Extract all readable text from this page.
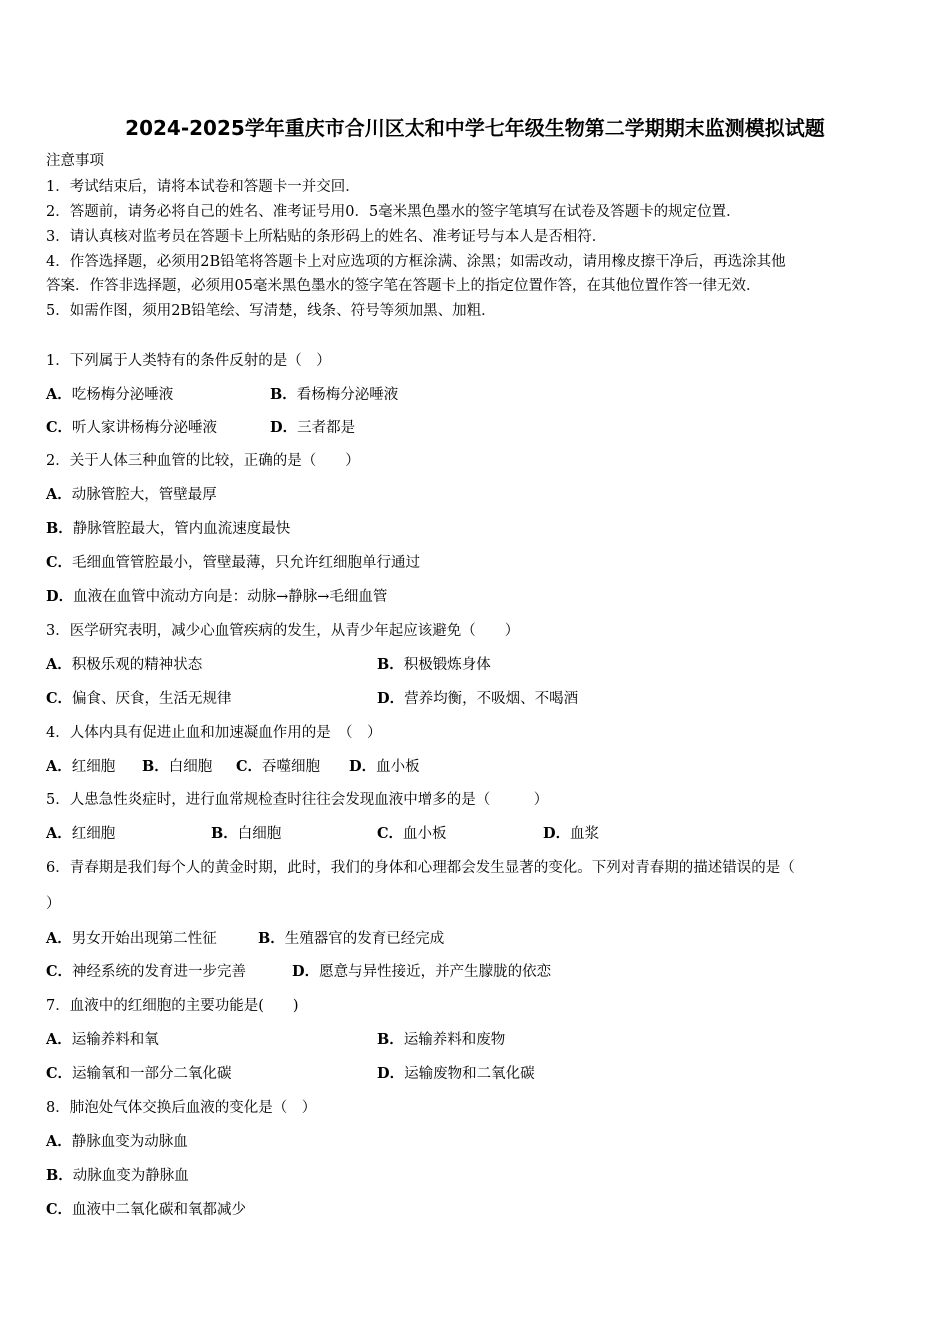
2024-2025学年重庆市合川区太和中学七年级生物第二学期期末监测模拟试题
注意事项
1．考试结束后，请将本试卷和答题卡一并交回．
2．答题前，请务必将自己的姓名、准考证号用0．5毫米黑色墨水的签字笔填写在试卷及答题卡的规定位置．
3．请认真核对监考员在答题卡上所粘贴的条形码上的姓名、准考证号与本人是否相符．
4．作答选择题，必须用2B铅笔将答题卡上对应选项的方框涂满、涂黑；如需改动，请用橡皮擦干净后，再选涂其他
答案．作答非选择题，必须用05毫米黑色墨水的签字笔在答题卡上的指定位置作答，在其他位置作答一律无效．
5．如需作图，须用2B铅笔绘、写清楚，线条、符号等须加黑、加粗．
1．下列属于人类特有的条件反射的是（　）
A．吃杨梅分泌唾液	B．看杨梅分泌唾液
C．听人家讲杨梅分泌唾液	D．三者都是
2．关于人体三种血管的比较，正确的是（　　）
A．动脉管腔大，管壁最厚
B．静脉管腔最大，管内血流速度最快
C．毛细血管管腔最小，管壁最薄，只允许红细胞单行通过
D．血液在血管中流动方向是：动脉→静脉→毛细血管
3．医学研究表明，减少心血管疾病的发生，从青少年起应该避免（　　）
A．积极乐观的精神状态	B．积极锻炼身体
C．偏食、厌食，生活无规律	D．营养均衡，不吸烟、不喝酒
4．人体内具有促进止血和加速凝血作用的是　（　）
A．红细胞 B．白细胞 C．吞噬细胞 D．血小板
5．人患急性炎症时，进行血常规检查时往往会发现血液中增多的是（　　　）
A．红细胞	B．白细胞	C．血小板	D．血浆
6．青春期是我们每个人的黄金时期，此时，我们的身体和心理都会发生显著的变化。下列对青春期的描述错误的是（
）
A．男女开始出现第二性征	B．生殖器官的发育已经完成
C．神经系统的发育进一步完善	D．愿意与异性接近，并产生朦胧的依恋
7．血液中的红细胞的主要功能是(　　)
A．运输养料和氧	B．运输养料和废物
C．运输氧和一部分二氧化碳	D．运输废物和二氧化碳
8．肺泡处气体交换后血液的变化是（　）
A．静脉血变为动脉血
B．动脉血变为静脉血
C．血液中二氧化碳和氧都减少
